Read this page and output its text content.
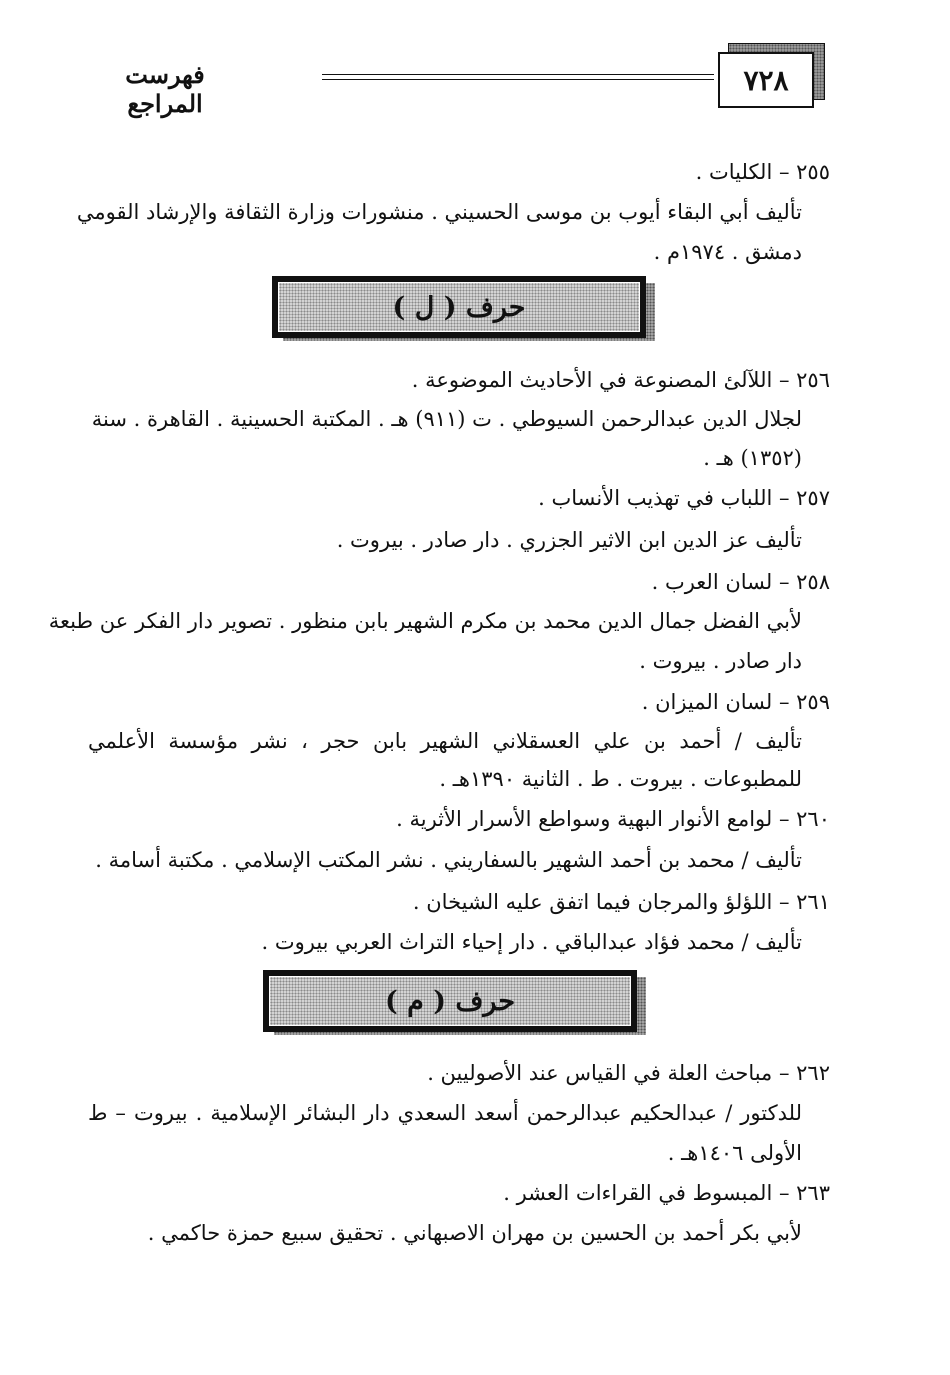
فهرست المراجع
٧٢٨
٢٥٥ – الكليات .
تأليف أبي البقاء أيوب بن موسى الحسيني . منشورات وزارة الثقافة والإرشاد القومي
دمشق . ١٩٧٤م .
حرف ( ل )
٢٥٦ – اللآلئ المصنوعة في الأحاديث الموضوعة .
لجلال الدين عبدالرحمن السيوطي . ت (٩١١) هـ . المكتبة الحسينية . القاهرة . سنة
(١٣٥٢) هـ .
٢٥٧ – اللباب في تهذيب الأنساب .
تأليف عز الدين ابن الاثير الجزري . دار صادر . بيروت .
٢٥٨ – لسان العرب .
لأبي الفضل جمال الدين محمد بن مكرم الشهير بابن منظور . تصوير دار الفكر عن طبعة
دار صادر . بيروت .
٢٥٩ – لسان الميزان .
تأليف / أحمد بن علي العسقلاني الشهير بابن حجر ، نشر مؤسسة الأعلمي
للمطبوعات . بيروت . ط . الثانية ١٣٩٠هـ .
٢٦٠ – لوامع الأنوار البهية وسواطع الأسرار الأثرية .
تأليف / محمد بن أحمد الشهير بالسفاريني . نشر المكتب الإسلامي . مكتبة أسامة .
٢٦١ – اللؤلؤ والمرجان فيما اتفق عليه الشيخان .
تأليف / محمد فؤاد عبدالباقي . دار إحياء التراث العربي بيروت .
حرف ( م )
٢٦٢ – مباحث العلة في القياس عند الأصوليين .
للدكتور / عبدالحكيم عبدالرحمن أسعد السعدي دار البشائر الإسلامية . بيروت – ط
الأولى ١٤٠٦هـ .
٢٦٣ – المبسوط في القراءات العشر .
لأبي بكر أحمد بن الحسين بن مهران الاصبهاني . تحقيق سبيع حمزة حاكمي .
